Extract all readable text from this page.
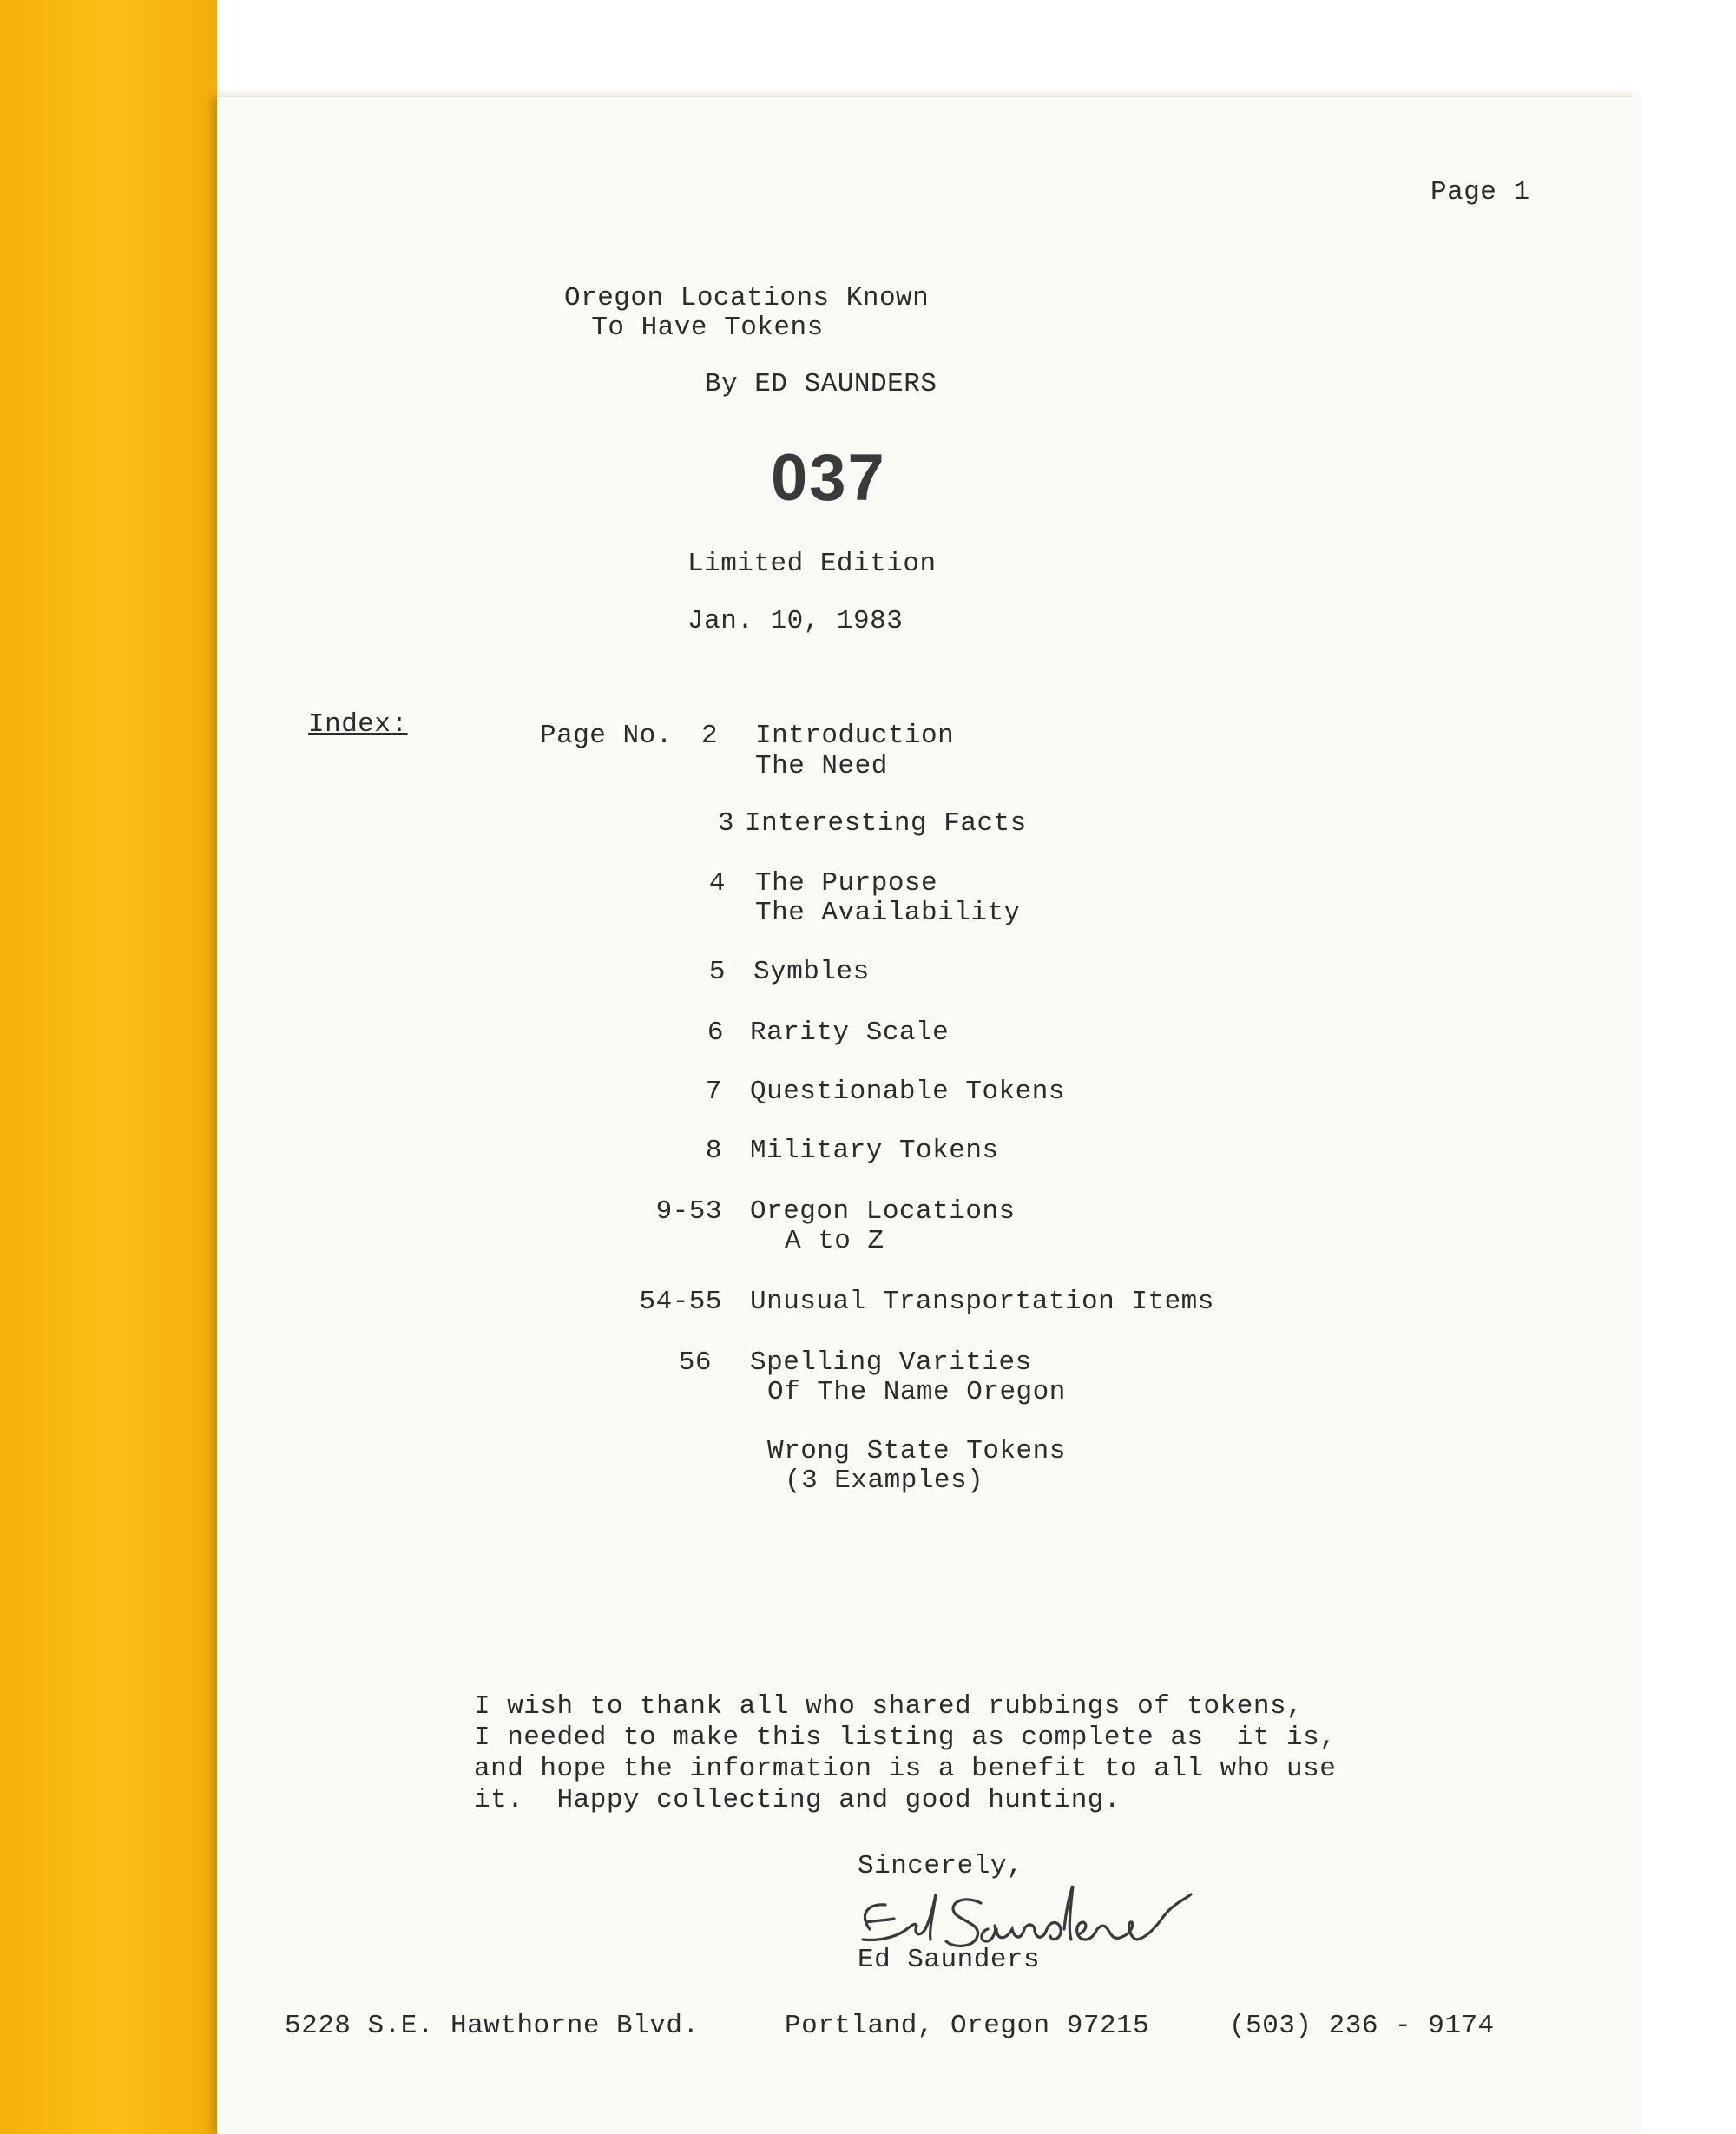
Page 1
Oregon Locations Known
To Have Tokens
By ED SAUNDERS
037
Limited Edition
Jan. 10, 1983
Index:	Page No. 2 Introduction
The Need
3 Interesting Facts
4 The Purpose
The Availability
5 Symbles
6 Rarity Scale
7 Questionable Tokens
8 Military Tokens
9-53 Oregon Locations
A to Z
54-55 Unusual Transportation Items
56 Spelling Varities
Of The Name Oregon
Wrong State Tokens
(3 Examples)
I wish to thank all who shared rubbings of tokens,
I needed to make this listing as complete as  it is,
and hope the information is a benefit to all who use
it.  Happy collecting and good hunting.
Sincerely,
Ed Saunders
5228 S.E. Hawthorne Blvd.	Portland, Oregon 97215	(503) 236 - 9174
